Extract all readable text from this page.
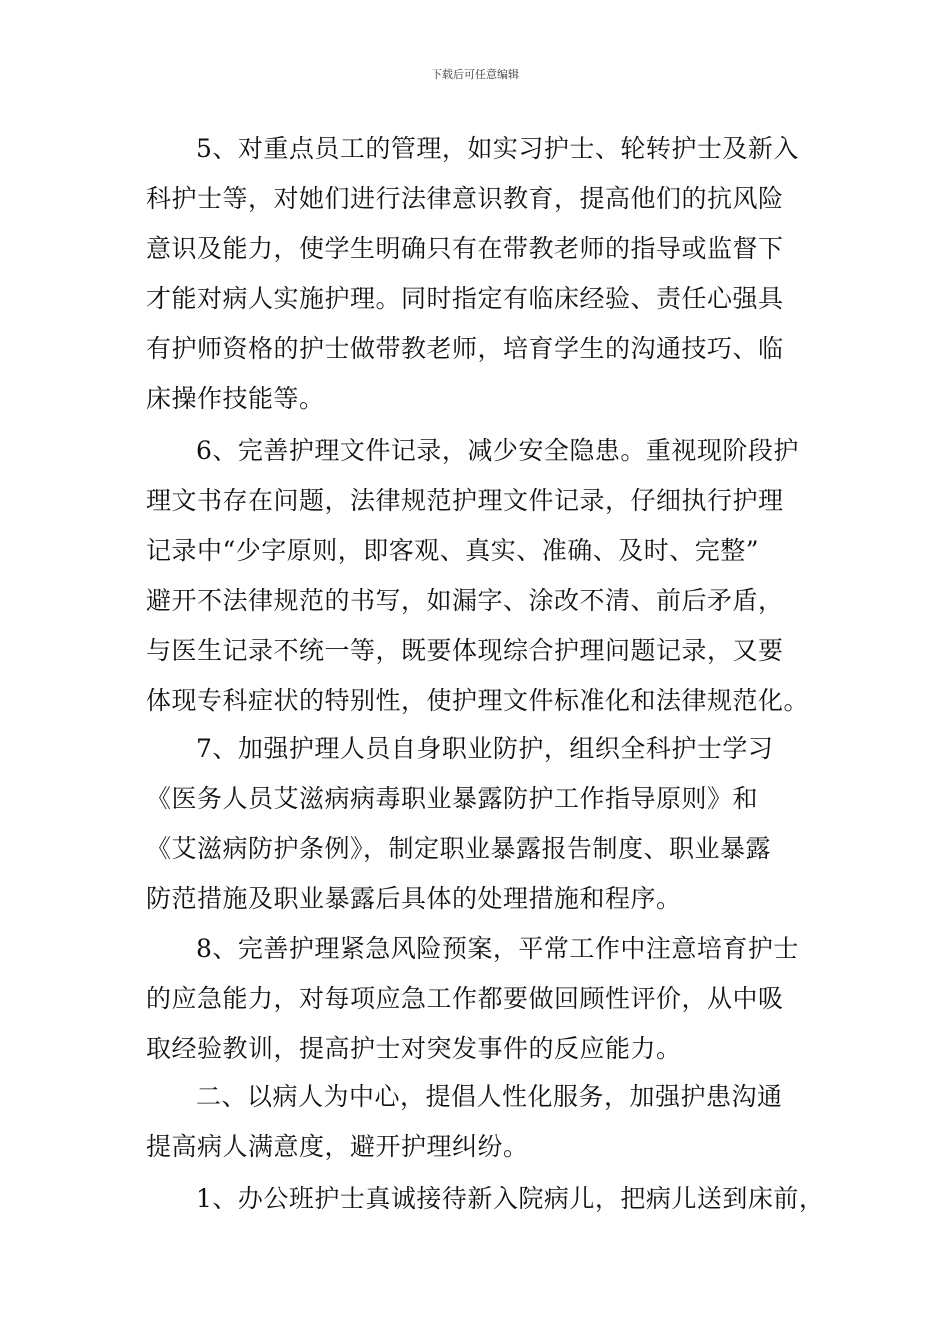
下载后可任意编辑
5、对重点员工的管理，如实习护士、轮转护士及新入
科护士等，对她们进行法律意识教育，提高他们的抗风险
意识及能力，使学生明确只有在带教老师的指导或监督下
才能对病人实施护理。同时指定有临床经验、责任心强具
有护师资格的护士做带教老师，培育学生的沟通技巧、临
床操作技能等。
6、完善护理文件记录，减少安全隐患。重视现阶段护
理文书存在问题，法律规范护理文件记录，仔细执行护理
记录中“少字原则，即客观、真实、准确、及时、完整”
避开不法律规范的书写，如漏字、涂改不清、前后矛盾，
与医生记录不统一等，既要体现综合护理问题记录，又要
体现专科症状的特别性，使护理文件标准化和法律规范化。
7、加强护理人员自身职业防护，组织全科护士学习
《医务人员艾滋病病毒职业暴露防护工作指导原则》和
《艾滋病防护条例》，制定职业暴露报告制度、职业暴露
防范措施及职业暴露后具体的处理措施和程序。
8、完善护理紧急风险预案，平常工作中注意培育护士
的应急能力，对每项应急工作都要做回顾性评价，从中吸
取经验教训，提高护士对突发事件的反应能力。
二、以病人为中心，提倡人性化服务，加强护患沟通
提高病人满意度，避开护理纠纷。
1、办公班护士真诚接待新入院病儿，把病儿送到床前，
